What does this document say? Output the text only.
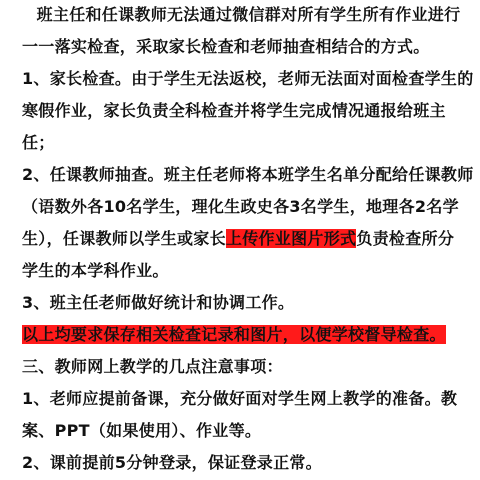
　　班主任和任课教师无法通过微信群对所有学生所有作业进行
一一落实检查，采取家长检查和老师抽查相结合的方式。
1、家长检查。由于学生无法返校，老师无法面对面检查学生的
寒假作业，家长负责全科检查并将学生完成情况通报给班主
任；
2、任课教师抽查。班主任老师将本班学生名单分配给任课教师
（语数外各10名学生，理化生政史各3名学生，地理各2名学
生），任课教师以学生或家长上传作业图片形式负责检查所分
学生的本学科作业。
3、班主任老师做好统计和协调工作。
以上均要求保存相关检查记录和图片，以便学校督导检查。
三、教师网上教学的几点注意事项：
1、老师应提前备课，充分做好面对学生网上教学的准备。教
案、PPT（如果使用）、作业等。
2、课前提前5分钟登录，保证登录正常。
